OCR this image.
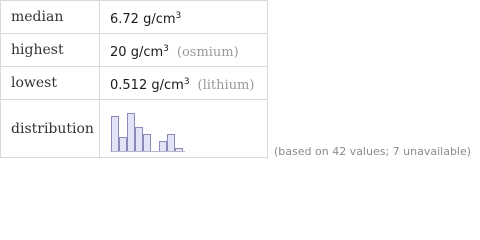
median	6.72 $g/cm^3$
highest	20 $g/cm^3$ (osmium)
lowest	0.512 $g/cm^3$ (lithium)
distribution	
(based on 42 values; 7 unavailable)
